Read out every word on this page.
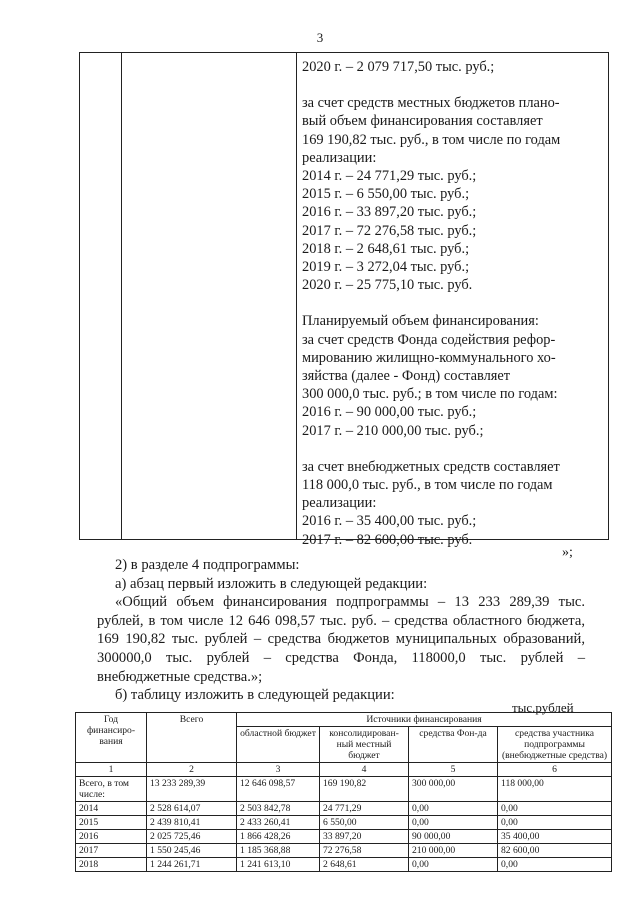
3
2020 г. – 2 079 717,50 тыс. руб.;
за счет средств местных бюджетов плано-
вый объем финансирования составляет
169 190,82 тыс. руб., в том числе по годам
реализации:
2014 г. – 24 771,29 тыс. руб.;
2015 г. – 6 550,00 тыс. руб.;
2016 г. – 33 897,20 тыс. руб.;
2017 г. – 72 276,58 тыс. руб.;
2018 г. – 2 648,61 тыс. руб.;
2019 г. – 3 272,04 тыс. руб.;
2020 г. – 25 775,10 тыс. руб.
Планируемый объем финансирования:
за счет средств Фонда содействия рефор-
мированию жилищно-коммунального хо-
зяйства (далее - Фонд) составляет
300 000,0 тыс. руб.; в том числе по годам:
2016 г. – 90 000,00 тыс. руб.;
2017 г. – 210 000,00 тыс. руб.;
за счет внебюджетных средств составляет
118 000,0 тыс. руб., в том числе по годам
реализации:
2016 г. – 35 400,00 тыс. руб.;
2017 г. – 82 600,00 тыс. руб.
»;
2) в разделе 4 подпрограммы:
а) абзац первый изложить в следующей редакции:
«Общий объем финансирования подпрограммы – 13 233 289,39 тыс. рублей, в том числе 12 646 098,57 тыс. руб. – средства областного бюджета, 169 190,82 тыс. рублей – средства бюджетов муниципальных образований, 300000,0 тыс. рублей – средства Фонда, 118000,0 тыс. рублей – внебюджетные средства.»;
б) таблицу изложить в следующей редакции:
тыс.рублей
Год финансиро-вания	Всего	Источники финансирования			
		областной бюджет	консолидирован-ный местный бюджет	средства Фон-да	средства участника подпрограммы (внебюджетные средства)
1	2	3	4	5	6
Всего, в том числе:	13 233 289,39	12 646 098,57	169 190,82	300 000,00	118 000,00
2014	2 528 614,07	2 503 842,78	24 771,29	0,00	0,00
2015	2 439 810,41	2 433 260,41	6 550,00	0,00	0,00
2016	2 025 725,46	1 866 428,26	33 897,20	90 000,00	35 400,00
2017	1 550 245,46	1 185 368,88	72 276,58	210 000,00	82 600,00
2018	1 244 261,71	1 241 613,10	2 648,61	0,00	0,00
